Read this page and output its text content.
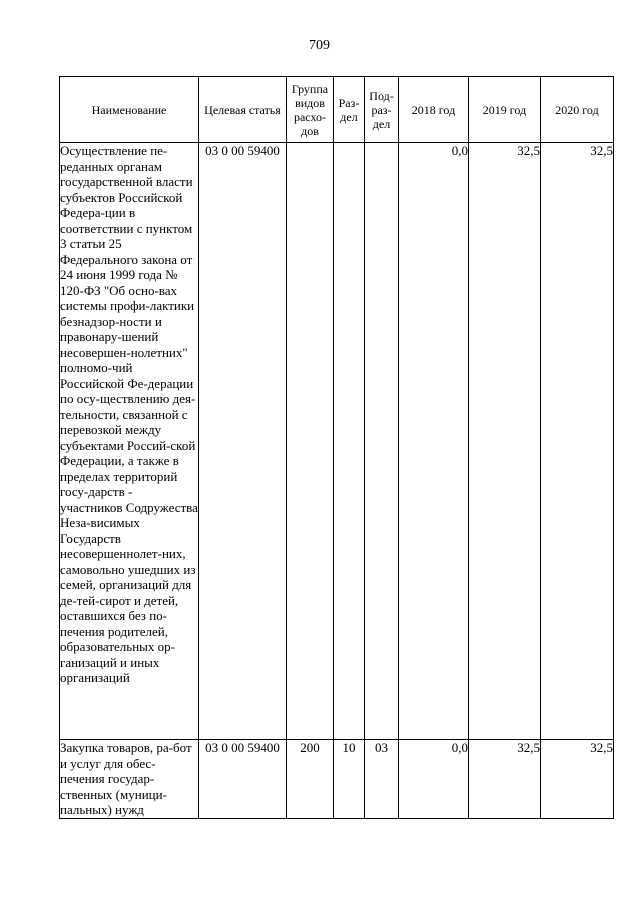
709
Наименование	Целевая статья	Группа видов расхо-дов	Раз-дел	Под-раз-дел	2018 год	2019 год	2020 год
Осуществление пе-реданных органам государственной власти субъектов Российской Федера-ции в соответствии с пунктом 3 статьи 25 Федерального закона от 24 июня 1999 года № 120-ФЗ "Об осно-вах системы профи-лактики безнадзор-ности и правонару-шений несовершен-нолетних" полномо-чий Российской Фе-дерации по осу-ществлению дея-тельности, связанной с перевозкой между субъектами Россий-ской Федерации, а также в пределах территорий госу-дарств - участников Содружества Неза-висимых Государств несовершеннолет-них, самовольно ушедших из семей, организаций для де-тей-сирот и детей, оставшихся без по-печения родителей, образовательных ор-ганизаций и иных организаций	03 0 00 59400				0,0	32,5	32,5
Закупка товаров, ра-бот и услуг для обес-печения государ-ственных (муници-пальных) нужд	03 0 00 59400	200	10	03	0,0	32,5	32,5
